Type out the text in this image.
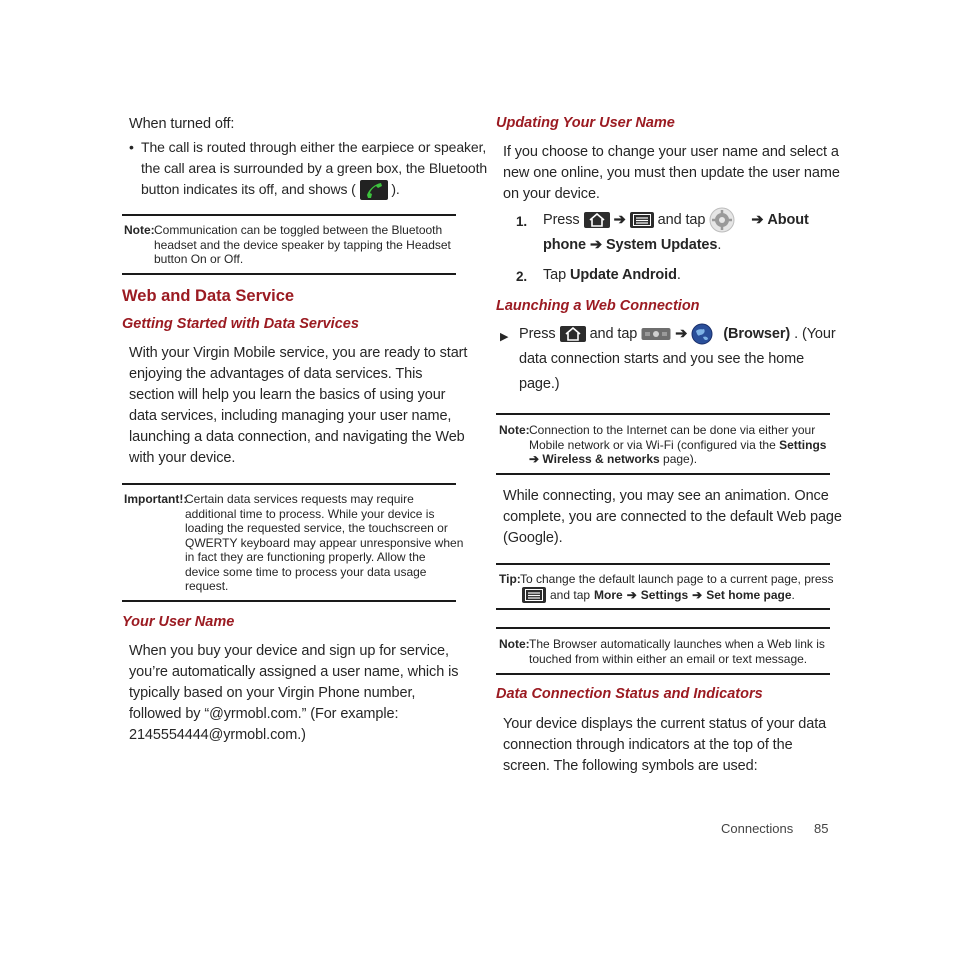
When turned off:
• The call is routed through either the earpiece or speaker,
the call area is surrounded by a green box, the Bluetooth
button indicates its off, and shows (	).
Note: Communication can be toggled between the Bluetooth
headset and the device speaker by tapping the Headset
button On or Off.
Web and Data Service
Getting Started with Data Services
With your Virgin Mobile service, you are ready to start
enjoying the advantages of data services. This
section will help you learn the basics of using your
data services, including managing your user name,
launching a data connection, and navigating the Web
with your device.
Important!:
Certain data services requests may require
additional time to process. While your device is
loading the requested service, the touchscreen or
QWERTY keyboard may appear unresponsive when
in fact they are functioning properly. Allow the
device some time to process your data usage
request.
Your User Name
When you buy your device and sign up for service,
you’re automatically assigned a user name, which is
typically based on your Virgin Phone number,
followed by “@yrmobl.com.” (For example:
2145554444@yrmobl.com.)
Updating Your User Name
If you choose to change your user name and select a
new one online, you must then update the user name
on your device.
1. Press ➔ and tap	➔ About
phone ➔ System Updates.
2. Tap Update Android.
Launching a Web Connection
▶ Press and tap	➔ (Browser) . (Your
data connection starts and you see the home
page.)
Note: Connection to the Internet can be done via either your
Mobile network or via Wi-Fi (configured via the Settings
➔ Wireless & networks page).
While connecting, you may see an animation. Once
complete, you are connected to the default Web page
(Google).
Tip: To change the default launch page to a current page, press
and tap More ➔ Settings ➔ Set home page.
Note: The Browser automatically launches when a Web link is
touched from within either an email or text message.
Data Connection Status and Indicators
Your device displays the current status of your data
connection through indicators at the top of the
screen. The following symbols are used:
Connections 85
